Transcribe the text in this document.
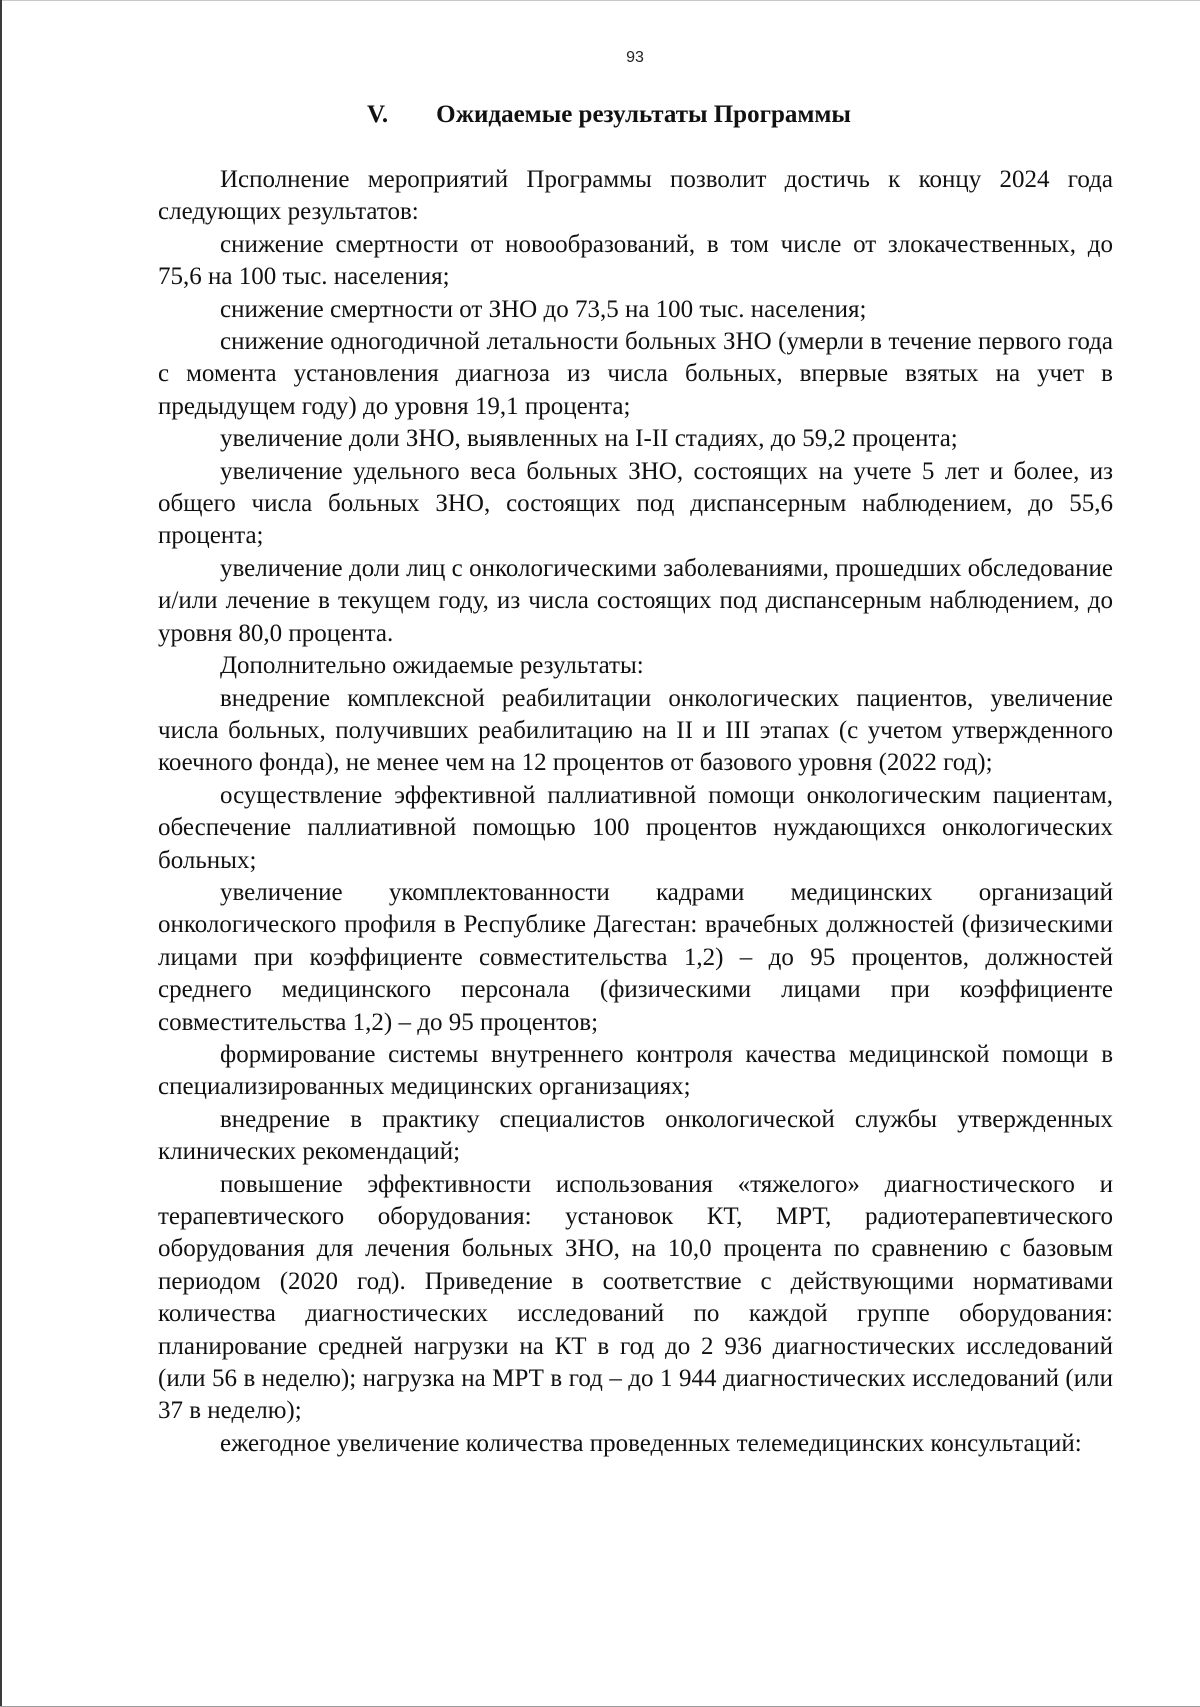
93
V. Ожидаемые результаты Программы

Исполнение мероприятий Программы позволит достичь к концу 2024 года следующих результатов:

снижение смертности от новообразований, в том числе от злокачественных, до 75,6 на 100 тыс. населения;

снижение смертности от ЗНО до 73,5 на 100 тыс. населения;

снижение одногодичной летальности больных ЗНО (умерли в течение первого года с момента установления диагноза из числа больных, впервые взятых на учет в предыдущем году) до уровня 19,1 процента;

увеличение доли ЗНО, выявленных на I-II стадиях, до 59,2 процента;

увеличение удельного веса больных ЗНО, состоящих на учете 5 лет и более, из общего числа больных ЗНО, состоящих под диспансерным наблюдением, до 55,6 процента;

увеличение доли лиц с онкологическими заболеваниями, прошедших обследование и/или лечение в текущем году, из числа состоящих под диспансерным наблюдением, до уровня 80,0 процента.

Дополнительно ожидаемые результаты:

внедрение комплексной реабилитации онкологических пациентов, увеличение числа больных, получивших реабилитацию на II и III этапах (с учетом утвержденного коечного фонда), не менее чем на 12 процентов от базового уровня (2022 год);

осуществление эффективной паллиативной помощи онкологическим пациентам, обеспечение паллиативной помощью 100 процентов нуждающихся онкологических больных;

увеличение укомплектованности кадрами медицинских организаций онкологического профиля в Республике Дагестан: врачебных должностей (физическими лицами при коэффициенте совместительства 1,2) – до 95 процентов, должностей среднего медицинского персонала (физическими лицами при коэффициенте совместительства 1,2) – до 95 процентов;

формирование системы внутреннего контроля качества медицинской помощи в специализированных медицинских организациях;

внедрение в практику специалистов онкологической службы утвержденных клинических рекомендаций;

повышение эффективности использования «тяжелого» диагностического и терапевтического оборудования: установок КТ, МРТ, радиотерапевтического оборудования для лечения больных ЗНО, на 10,0 процента по сравнению с базовым периодом (2020 год). Приведение в соответствие с действующими нормативами количества диагностических исследований по каждой группе оборудования: планирование средней нагрузки на КТ в год до 2 936 диагностических исследований (или 56 в неделю); нагрузка на МРТ в год – до 1 944 диагностических исследований (или 37 в неделю);

ежегодное увеличение количества проведенных телемедицинских консультаций:
